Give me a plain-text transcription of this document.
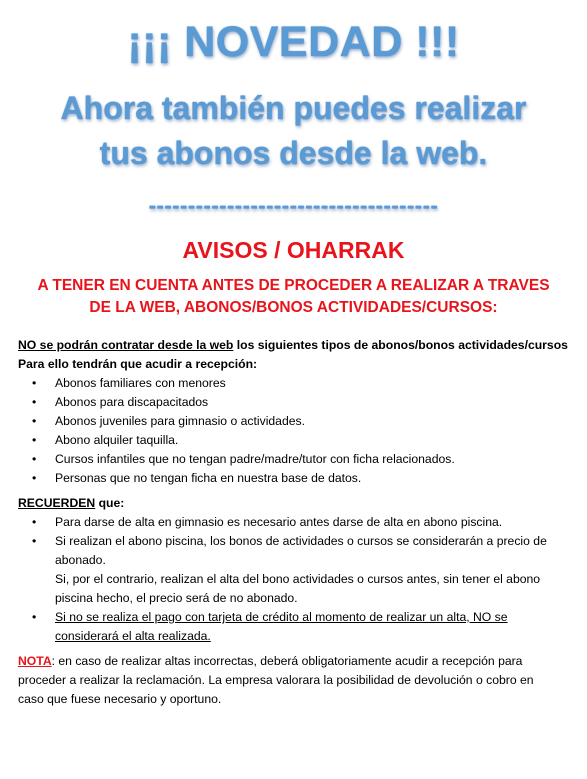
¡¡¡ NOVEDAD !!!
Ahora también puedes realizar
tus abonos desde la web.
-------------------------------------
AVISOS / OHARRAK
A TENER EN CUENTA ANTES DE PROCEDER A REALIZAR A TRAVES
DE LA WEB, ABONOS/BONOS ACTIVIDADES/CURSOS:
NO se podrán contratar desde la web los siguientes tipos de abonos/bonos actividades/cursos
Para ello tendrán que acudir a recepción:
• Abonos familiares con menores
• Abonos para discapacitados
• Abonos juveniles para gimnasio o actividades.
• Abono alquiler taquilla.
• Cursos infantiles que no tengan padre/madre/tutor con ficha relacionados.
• Personas que no tengan ficha en nuestra base de datos.
RECUERDEN que:
• Para darse de alta en gimnasio es necesario antes darse de alta en abono piscina.
• Si realizan el abono piscina, los bonos de actividades o cursos se considerarán a precio de
abonado.
Si, por el contrario, realizan el alta del bono actividades o cursos antes, sin tener el abono
piscina hecho, el precio será de no abonado.
• Si no se realiza el pago con tarjeta de crédito al momento de realizar un alta, NO se
considerará el alta realizada.
NOTA: en caso de realizar altas incorrectas, deberá obligatoriamente acudir a recepción para
proceder a realizar la reclamación. La empresa valorara la posibilidad de devolución o cobro en
caso que fuese necesario y oportuno.
